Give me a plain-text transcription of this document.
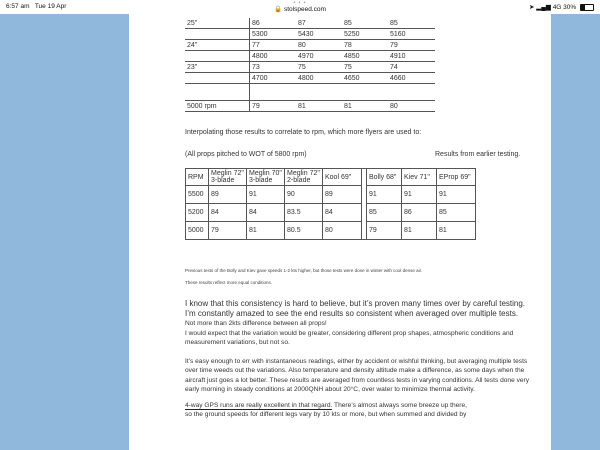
• • •
6:57 am Tue 19 Apr	🔒 stolspeed.com	➤ ▂▄▆ 4G 30%
25"	86	87	85	85
	5300	5430	5250	5160
24"	77	80	78	79
	4800	4970	4850	4910
23"	73	75	75	74
	4700	4800	4650	4660

5000 rpm	79	81	81	80

Interpolating those results to correlate to rpm, which more flyers are used to:

(All props pitched to WOT of 5800 rpm)	Results from earlier testing.

RPM	Meglin 72" 3-blade	Meglin 70" 3-blade	Meglin 72" 2-blade	Kool 69"		Bolly 68"	Kiev 71"	EProp 69"
5500	89	91	90	89		91	91	91
5200	84	84	83.5	84		85	86	85
5000	79	81	80.5	80		79	81	81

Previous tests of the Bolly and Kiev gave speeds 1-2 kts higher, but those tests were done in winter with cool dense air.

These results reflect more equal conditions.

I know that this consistency is hard to believe, but it’s proven many times over by careful testing.

I’m constantly amazed to see the end results so consistent when averaged over multiple tests.

Not more than 2kts difference between all props!

I would expect that the variation would be greater, considering different prop shapes, atmospheric conditions and measurement variations, but not so.

It’s easy enough to err with instantaneous readings, either by accident or wishful thinking, but averaging multiple tests over time weeds out the variations. Also temperature and density altitude make a difference, as some days when the aircraft just goes a lot better. These results are averaged from countless tests in varying conditions. All tests done very early morning in steady conditions at 2000QNH about 20°C, over water to minimize thermal activity.

4-way GPS runs are really excellent in that regard. There’s almost always some breeze up there,

so the ground speeds for different legs vary by 10 kts or more, but when summed and divided by
